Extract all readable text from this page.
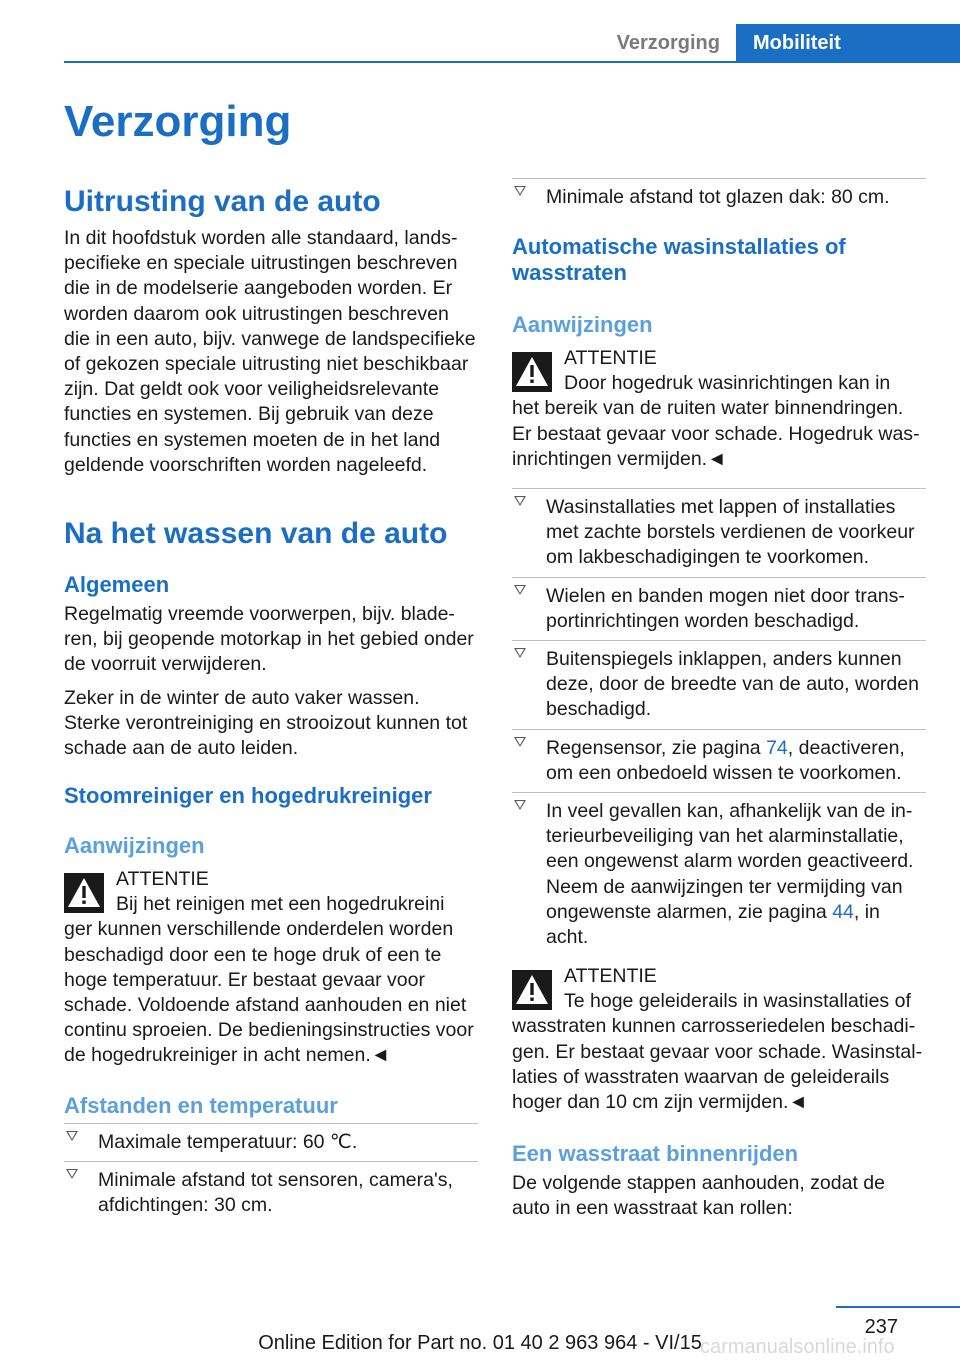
Verzorging	Mobiliteit
Verzorging
Uitrusting van de auto

In dit hoofdstuk worden alle standaard, landspecifieke en speciale uitrustingen beschreven die in de modelserie aangeboden worden. Er worden daarom ook uitrustingen beschreven die in een auto, bijv. vanwege de landspecifieke of gekozen speciale uitrusting niet beschikbaar zijn. Dat geldt ook voor veiligheidsrelevante functies en systemen. Bij gebruik van deze functies en systemen moeten de in het land geldende voorschriften worden nageleefd.

Na het wassen van de auto
Algemeen

Regelmatig vreemde voorwerpen, bijv. bladeren, bij geopende motorkap in het gebied onder de voorruit verwijderen.

Zeker in de winter de auto vaker wassen. Sterke verontreiniging en strooizout kunnen tot schade aan de auto leiden.

Stoomreiniger en hogedrukreiniger
Aanwijzingen
ATTENTIE
Bij het reinigen met een hogedrukreini
ger kunnen verschillende onderdelen worden beschadigd door een te hoge druk of een te hoge temperatuur. Er bestaat gevaar voor schade. Voldoende afstand aanhouden en niet continu sproeien. De bedieningsinstructies voor de hogedrukreiniger in acht nemen.◄
Afstanden en temperatuur
Maximale temperatuur: 60 ℃.
Minimale afstand tot sensoren, camera's, afdichtingen: 30 cm.
Minimale afstand tot glazen dak: 80 cm.
Automatische wasinstallaties of wasstraten
Aanwijzingen
ATTENTIE
Door hogedruk wasinrichtingen kan in
het bereik van de ruiten water binnendringen. Er bestaat gevaar voor schade. Hogedruk wasinrichtingen vermijden.◄
Wasinstallaties met lappen of installaties met zachte borstels verdienen de voorkeur om lakbeschadigingen te voorkomen.
Wielen en banden mogen niet door transportinrichtingen worden beschadigd.
Buitenspiegels inklappen, anders kunnen deze, door de breedte van de auto, worden beschadigd.
Regensensor, zie pagina 74, deactiveren, om een onbedoeld wissen te voorkomen.
In veel gevallen kan, afhankelijk van de interieurbeveiliging van het alarminstallatie, een ongewenst alarm worden geactiveerd. Neem de aanwijzingen ter vermijding van ongewenste alarmen, zie pagina 44, in acht.
ATTENTIE
Te hoge geleiderails in wasinstallaties of
wasstraten kunnen carrosseriedelen beschadigen. Er bestaat gevaar voor schade. Wasinstallaties of wasstraten waarvan de geleiderails hoger dan 10 cm zijn vermijden.◄
Een wasstraat binnenrijden

De volgende stappen aanhouden, zodat de auto in een wasstraat kan rollen:

237
Online Edition for Part no. 01 40 2 963 964 - VI/15
carmanualsonline.info
